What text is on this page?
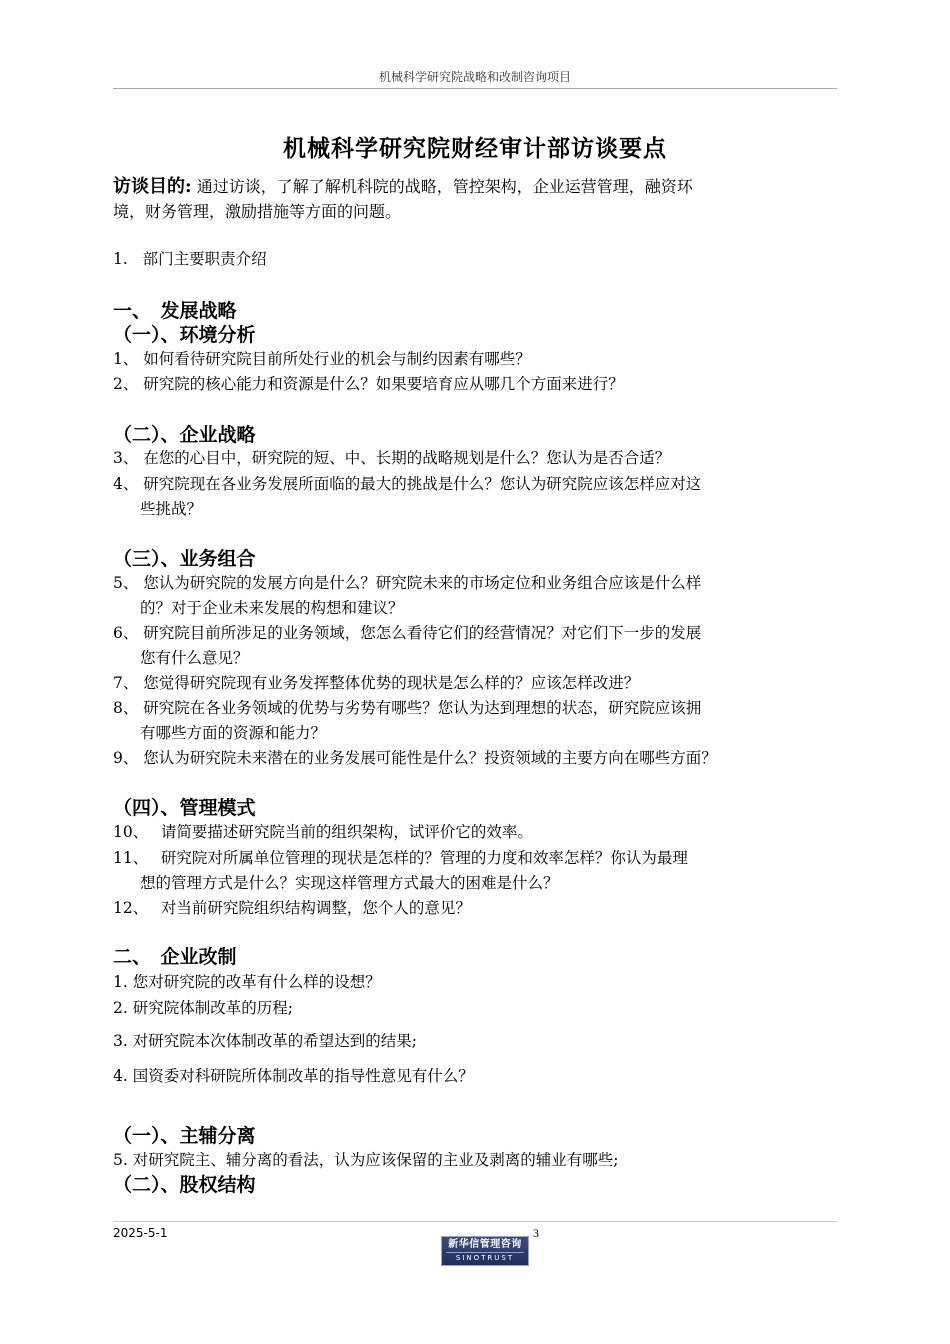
机械科学研究院战略和改制咨询项目
机械科学研究院财经审计部访谈要点
访谈目的: 通过访谈，了解了解机科院的战略，管控架构，企业运营管理，融资环
境，财务管理，激励措施等方面的问题。
1. 部门主要职责介绍
一、　发展战略
（一）、环境分析
1、 如何看待研究院目前所处行业的机会与制约因素有哪些？
2、 研究院的核心能力和资源是什么？如果要培育应从哪几个方面来进行？
（二）、企业战略
3、 在您的心目中，研究院的短、中、长期的战略规划是什么？您认为是否合适？
4、 研究院现在各业务发展所面临的最大的挑战是什么？您认为研究院应该怎样应对这
些挑战？
（三）、业务组合
5、 您认为研究院的发展方向是什么？研究院未来的市场定位和业务组合应该是什么样
的？对于企业未来发展的构想和建议？
6、 研究院目前所涉足的业务领域，您怎么看待它们的经营情况？对它们下一步的发展
您有什么意见？
7、 您觉得研究院现有业务发挥整体优势的现状是怎么样的？应该怎样改进？
8、 研究院在各业务领域的优势与劣势有哪些？您认为达到理想的状态，研究院应该拥
有哪些方面的资源和能力？
9、 您认为研究院未来潜在的业务发展可能性是什么？投资领域的主要方向在哪些方面？
（四）、管理模式
10、　 请简要描述研究院当前的组织架构，试评价它的效率。
11、　 研究院对所属单位管理的现状是怎样的？管理的力度和效率怎样？你认为最理
想的管理方式是什么？实现这样管理方式最大的困难是什么？
12、　 对当前研究院组织结构调整，您个人的意见？
二、　企业改制
1. 您对研究院的改革有什么样的设想？
2. 研究院体制改革的历程;
3. 对研究院本次体制改革的希望达到的结果;
4. 国资委对科研院所体制改革的指导性意见有什么？
（一）、主辅分离
5. 对研究院主、辅分离的看法，认为应该保留的主业及剥离的辅业有哪些;
（二）、股权结构
2025-5-1	3
新华信管理咨询
SINOTRUST
